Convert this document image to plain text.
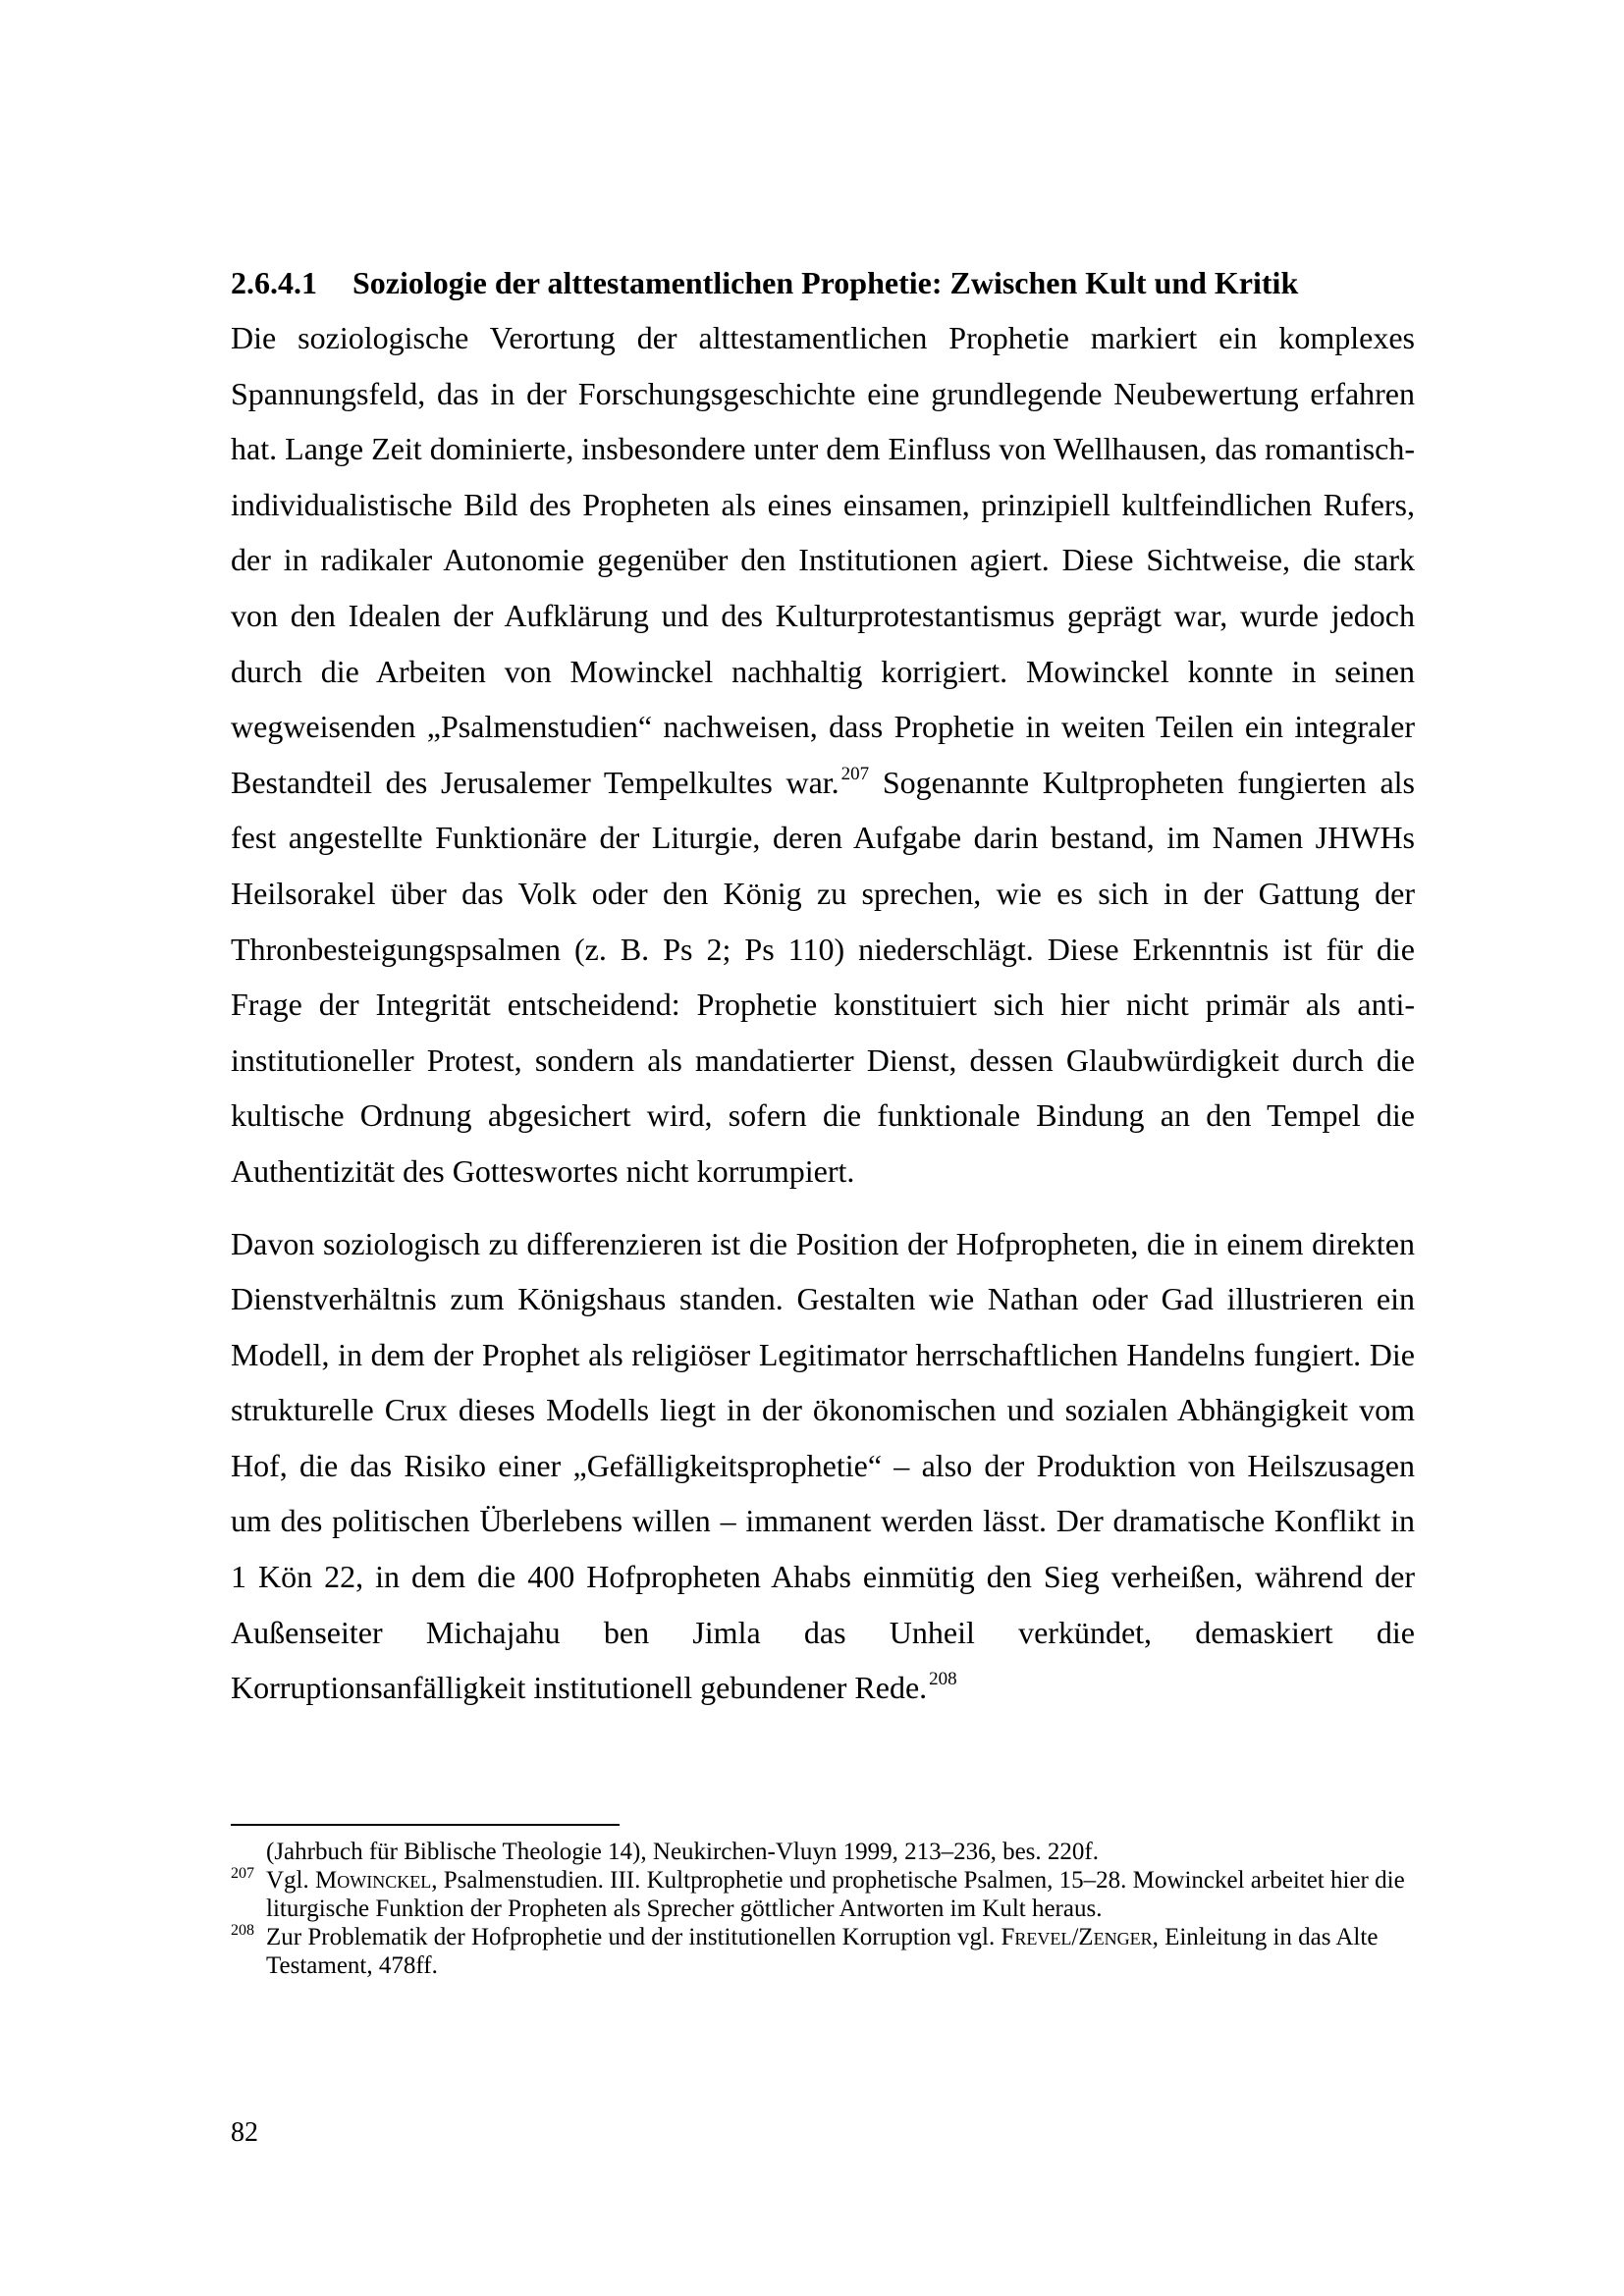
2.6.4.1 Soziologie der alttestamentlichen Prophetie: Zwischen Kult und Kritik

Die soziologische Verortung der alttestamentlichen Prophetie markiert ein komplexes Spannungsfeld, das in der Forschungsgeschichte eine grundlegende Neubewertung erfahren hat. Lange Zeit dominierte, insbesondere unter dem Einfluss von Wellhausen, das romantisch-individualistische Bild des Propheten als eines einsamen, prinzipiell kultfeindlichen Rufers, der in radikaler Autonomie gegenüber den Institutionen agiert. Diese Sichtweise, die stark von den Idealen der Aufklärung und des Kulturprotestantismus geprägt war, wurde jedoch durch die Arbeiten von Mowinckel nachhaltig korrigiert. Mowinckel konnte in seinen wegweisenden „Psalmenstudien“ nachweisen, dass Prophetie in weiten Teilen ein integraler Bestandteil des Jerusalemer Tempelkultes war. $^{207}$ Sogenannte Kultpropheten fungierten als fest angestellte Funktionäre der Liturgie, deren Aufgabe darin bestand, im Namen JHWHs Heilsorakel über das Volk oder den König zu sprechen, wie es sich in der Gattung der Thronbesteigungspsalmen (z. B. Ps 2; Ps 110) niederschlägt. Diese Erkenntnis ist für die Frage der Integrität entscheidend: Prophetie konstituiert sich hier nicht primär als anti-institutioneller Protest, sondern als mandatierter Dienst, dessen Glaubwürdigkeit durch die kultische Ordnung abgesichert wird, sofern die funktionale Bindung an den Tempel die Authentizität des Gotteswortes nicht korrumpiert.

Davon soziologisch zu differenzieren ist die Position der Hofpropheten, die in einem direkten Dienstverhältnis zum Königshaus standen. Gestalten wie Nathan oder Gad illustrieren ein Modell, in dem der Prophet als religiöser Legitimator herrschaftlichen Handelns fungiert. Die strukturelle Crux dieses Modells liegt in der ökonomischen und sozialen Abhängigkeit vom Hof, die das Risiko einer „Gefälligkeitsprophetie“ – also der Produktion von Heilszusagen um des politischen Überlebens willen – immanent werden lässt. Der dramatische Konflikt in 1 Kön 22, in dem die 400 Hofpropheten Ahabs einmütig den Sieg verheißen, während der Außenseiter Michajahu ben Jimla das Unheil verkündet, demaskiert die Korruptionsanfälligkeit institutionell gebundener Rede. $^{208}$

(Jahrbuch für Biblische Theologie 14), Neukirchen-Vluyn 1999, 213–236, bes. 220f.
207 Vgl. Mowinckel, Psalmenstudien. III. Kultprophetie und prophetische Psalmen, 15–28. Mowinckel arbeitet hier die liturgische Funktion der Propheten als Sprecher göttlicher Antworten im Kult heraus.
208 Zur Problematik der Hofprophetie und der institutionellen Korruption vgl. Frevel/Zenger, Einleitung in das Alte Testament, 478ff.
82
